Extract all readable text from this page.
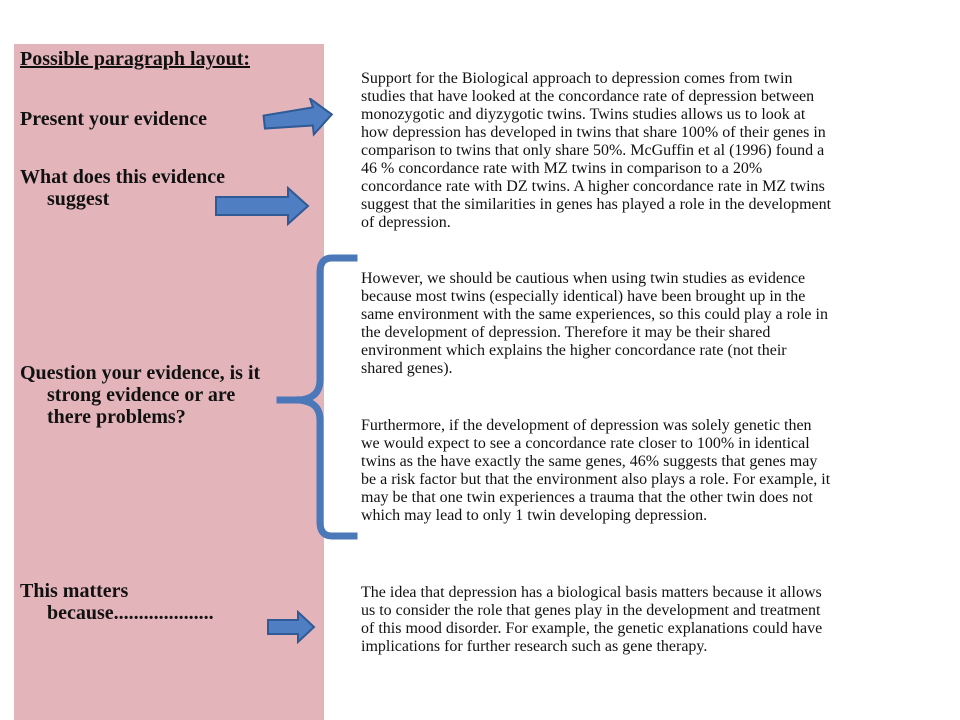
Possible paragraph layout:
Present your evidence
What does this evidence
suggest
Question your evidence, is it
strong evidence or are
there problems?
This matters
because....................
Support for the Biological approach to depression comes from twin
studies that have looked at the concordance rate of depression between
monozygotic and diyzygotic twins. Twins studies allows us to look at
how depression has developed in twins that share 100% of their genes in
comparison to twins that only share 50%. McGuffin et al (1996) found a
46 % concordance rate with MZ twins in comparison to a 20%
concordance rate with DZ twins. A higher concordance rate in MZ twins
suggest that the similarities in genes has played a role in the development
of depression.
However, we should be cautious when using twin studies as evidence
because most twins (especially identical) have been brought up in the
same environment with the same experiences, so this could play a role in
the development of depression. Therefore it may be their shared
environment which explains the higher concordance rate (not their
shared genes).
Furthermore, if the development of depression was solely genetic then
we would expect to see a concordance rate closer to 100% in identical
twins as the have exactly the same genes, 46% suggests that genes may
be a risk factor but that the environment also plays a role. For example, it
may be that one twin experiences a trauma that the other twin does not
which may lead to only 1 twin developing depression.
The idea that depression has a biological basis matters because it allows
us to consider the role that genes play in the development and treatment
of this mood disorder. For example, the genetic explanations could have
implications for further research such as gene therapy.
